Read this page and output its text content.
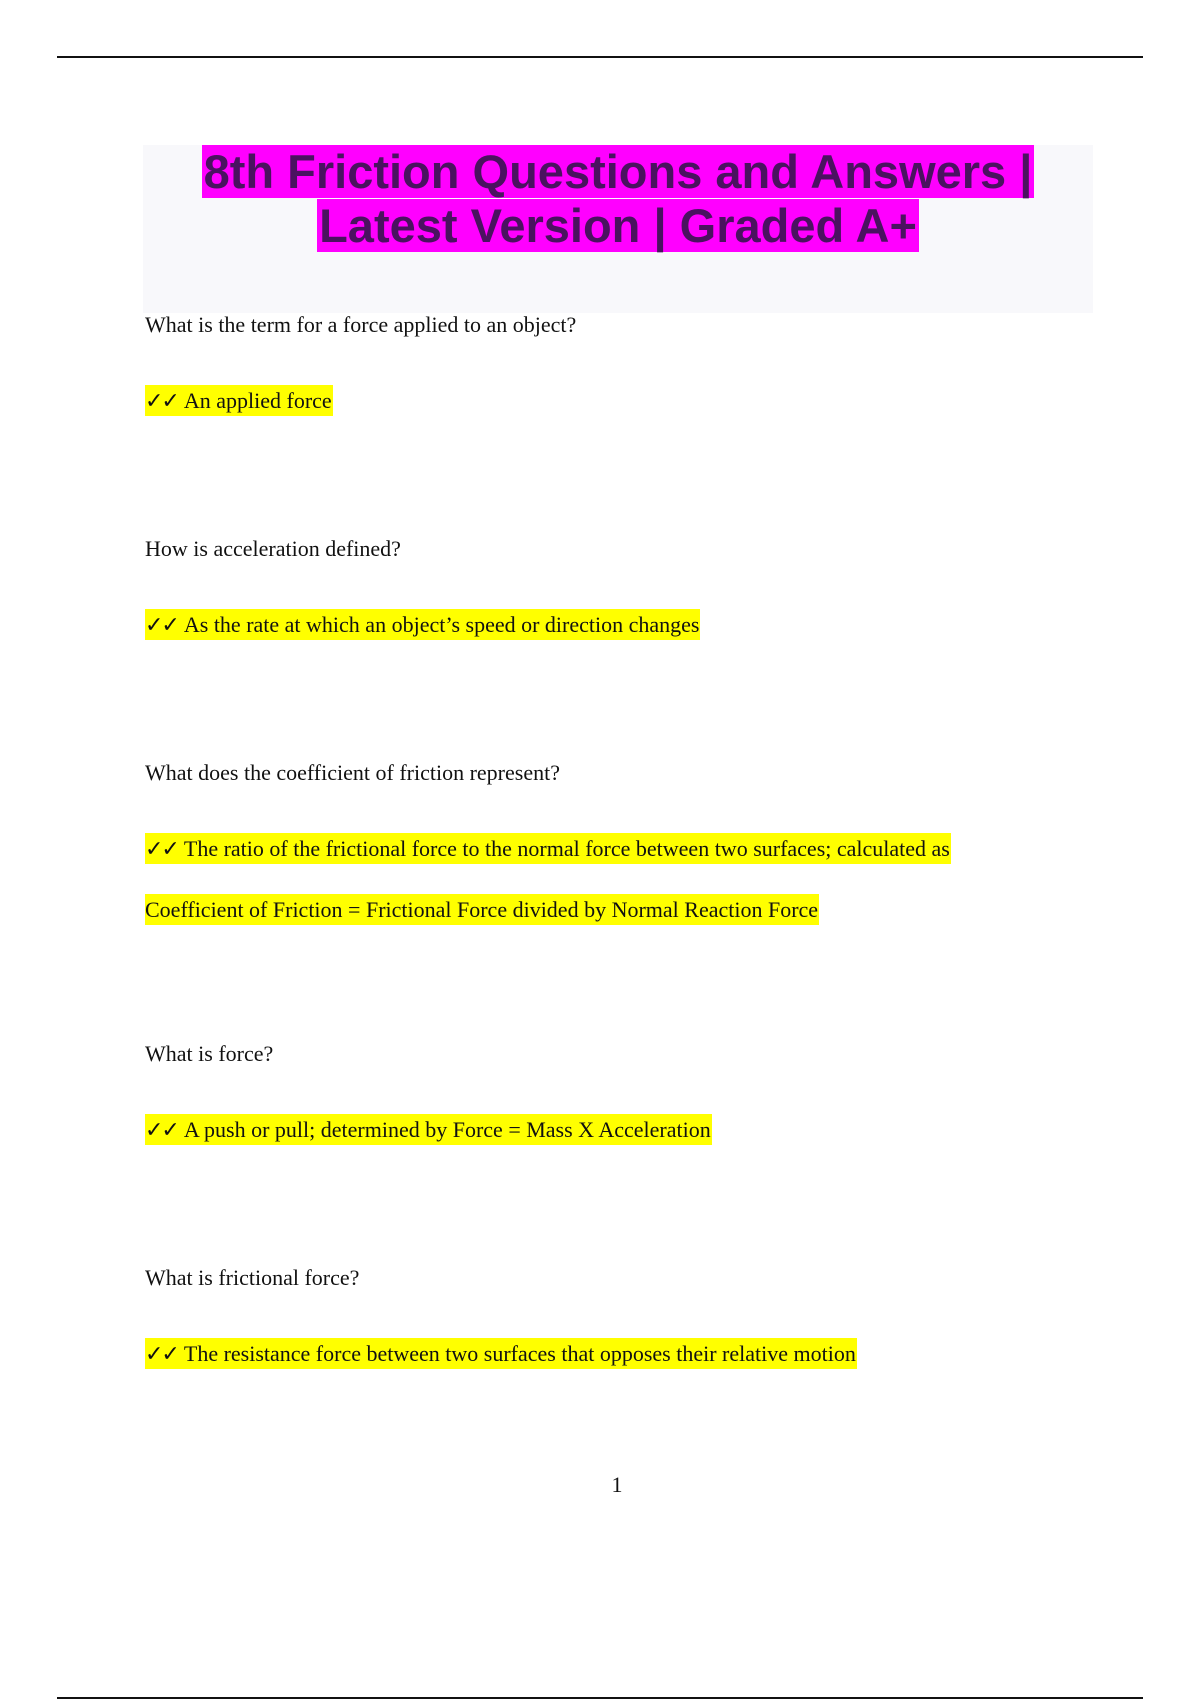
8th Friction Questions and Answers |
Latest Version | Graded A+
What is the term for a force applied to an object?
✓✓ An applied force
How is acceleration defined?
✓✓ As the rate at which an object’s speed or direction changes
What does the coefficient of friction represent?
✓✓ The ratio of the frictional force to the normal force between two surfaces; calculated as
Coefficient of Friction = Frictional Force divided by Normal Reaction Force
What is force?
✓✓ A push or pull; determined by Force = Mass X Acceleration
What is frictional force?
✓✓ The resistance force between two surfaces that opposes their relative motion
1
